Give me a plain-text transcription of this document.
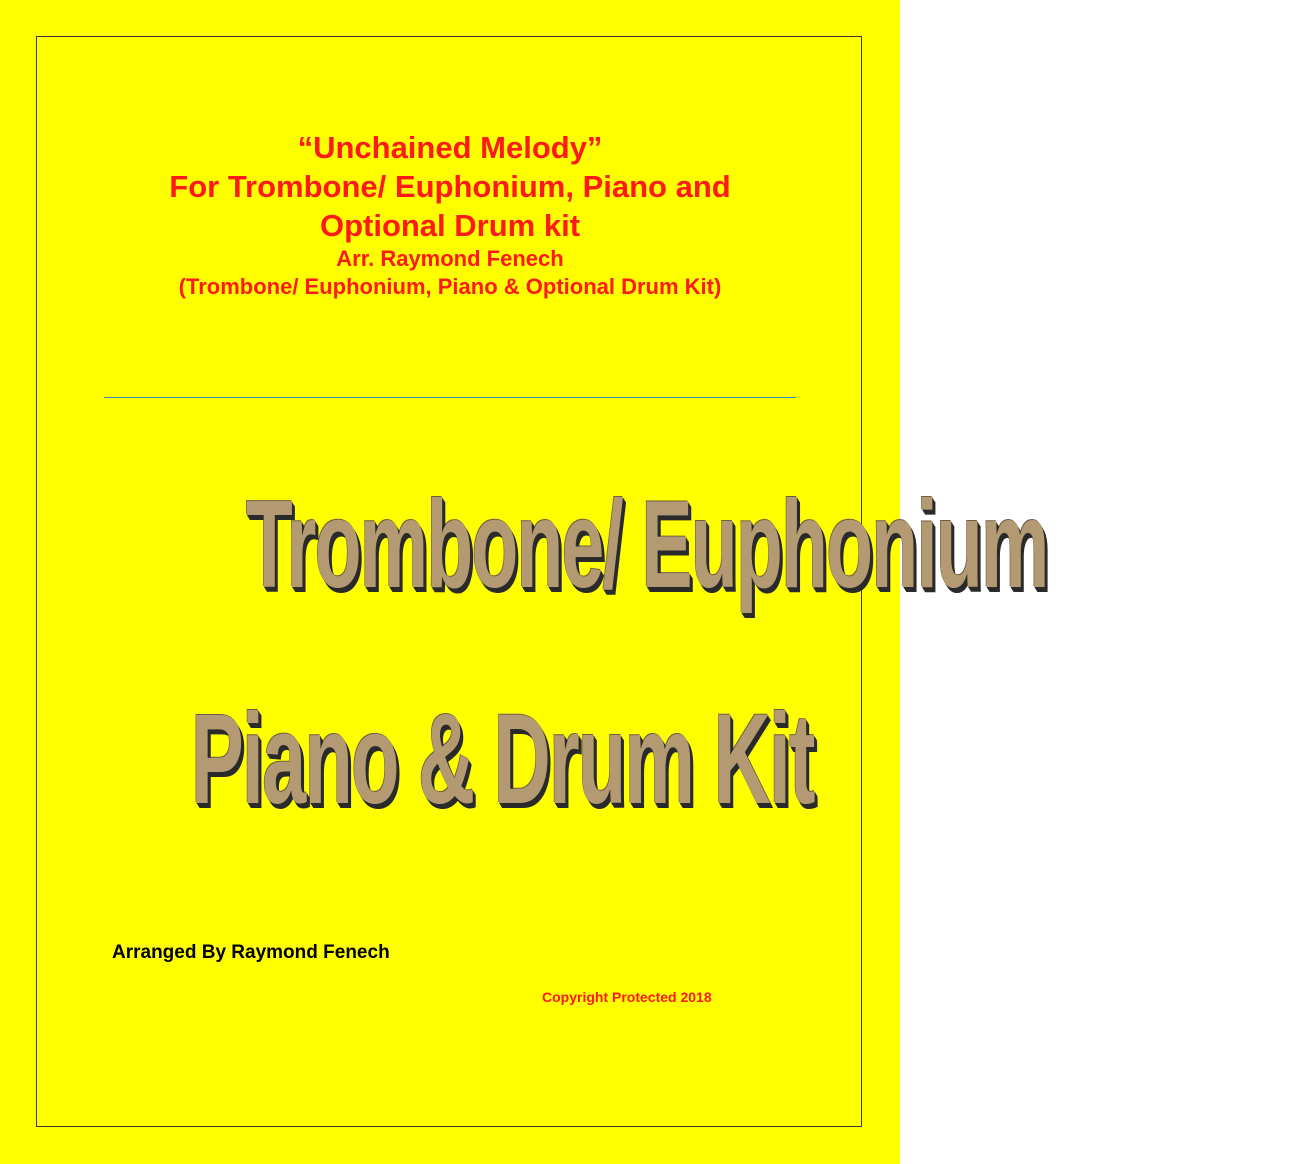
“Unchained Melody”
For Trombone/ Euphonium, Piano and
Optional Drum kit
Arr. Raymond Fenech
(Trombone/ Euphonium, Piano & Optional Drum Kit)
Trombone/ Euphonium
Piano & Drum Kit
Arranged By Raymond Fenech
Copyright Protected 2018
